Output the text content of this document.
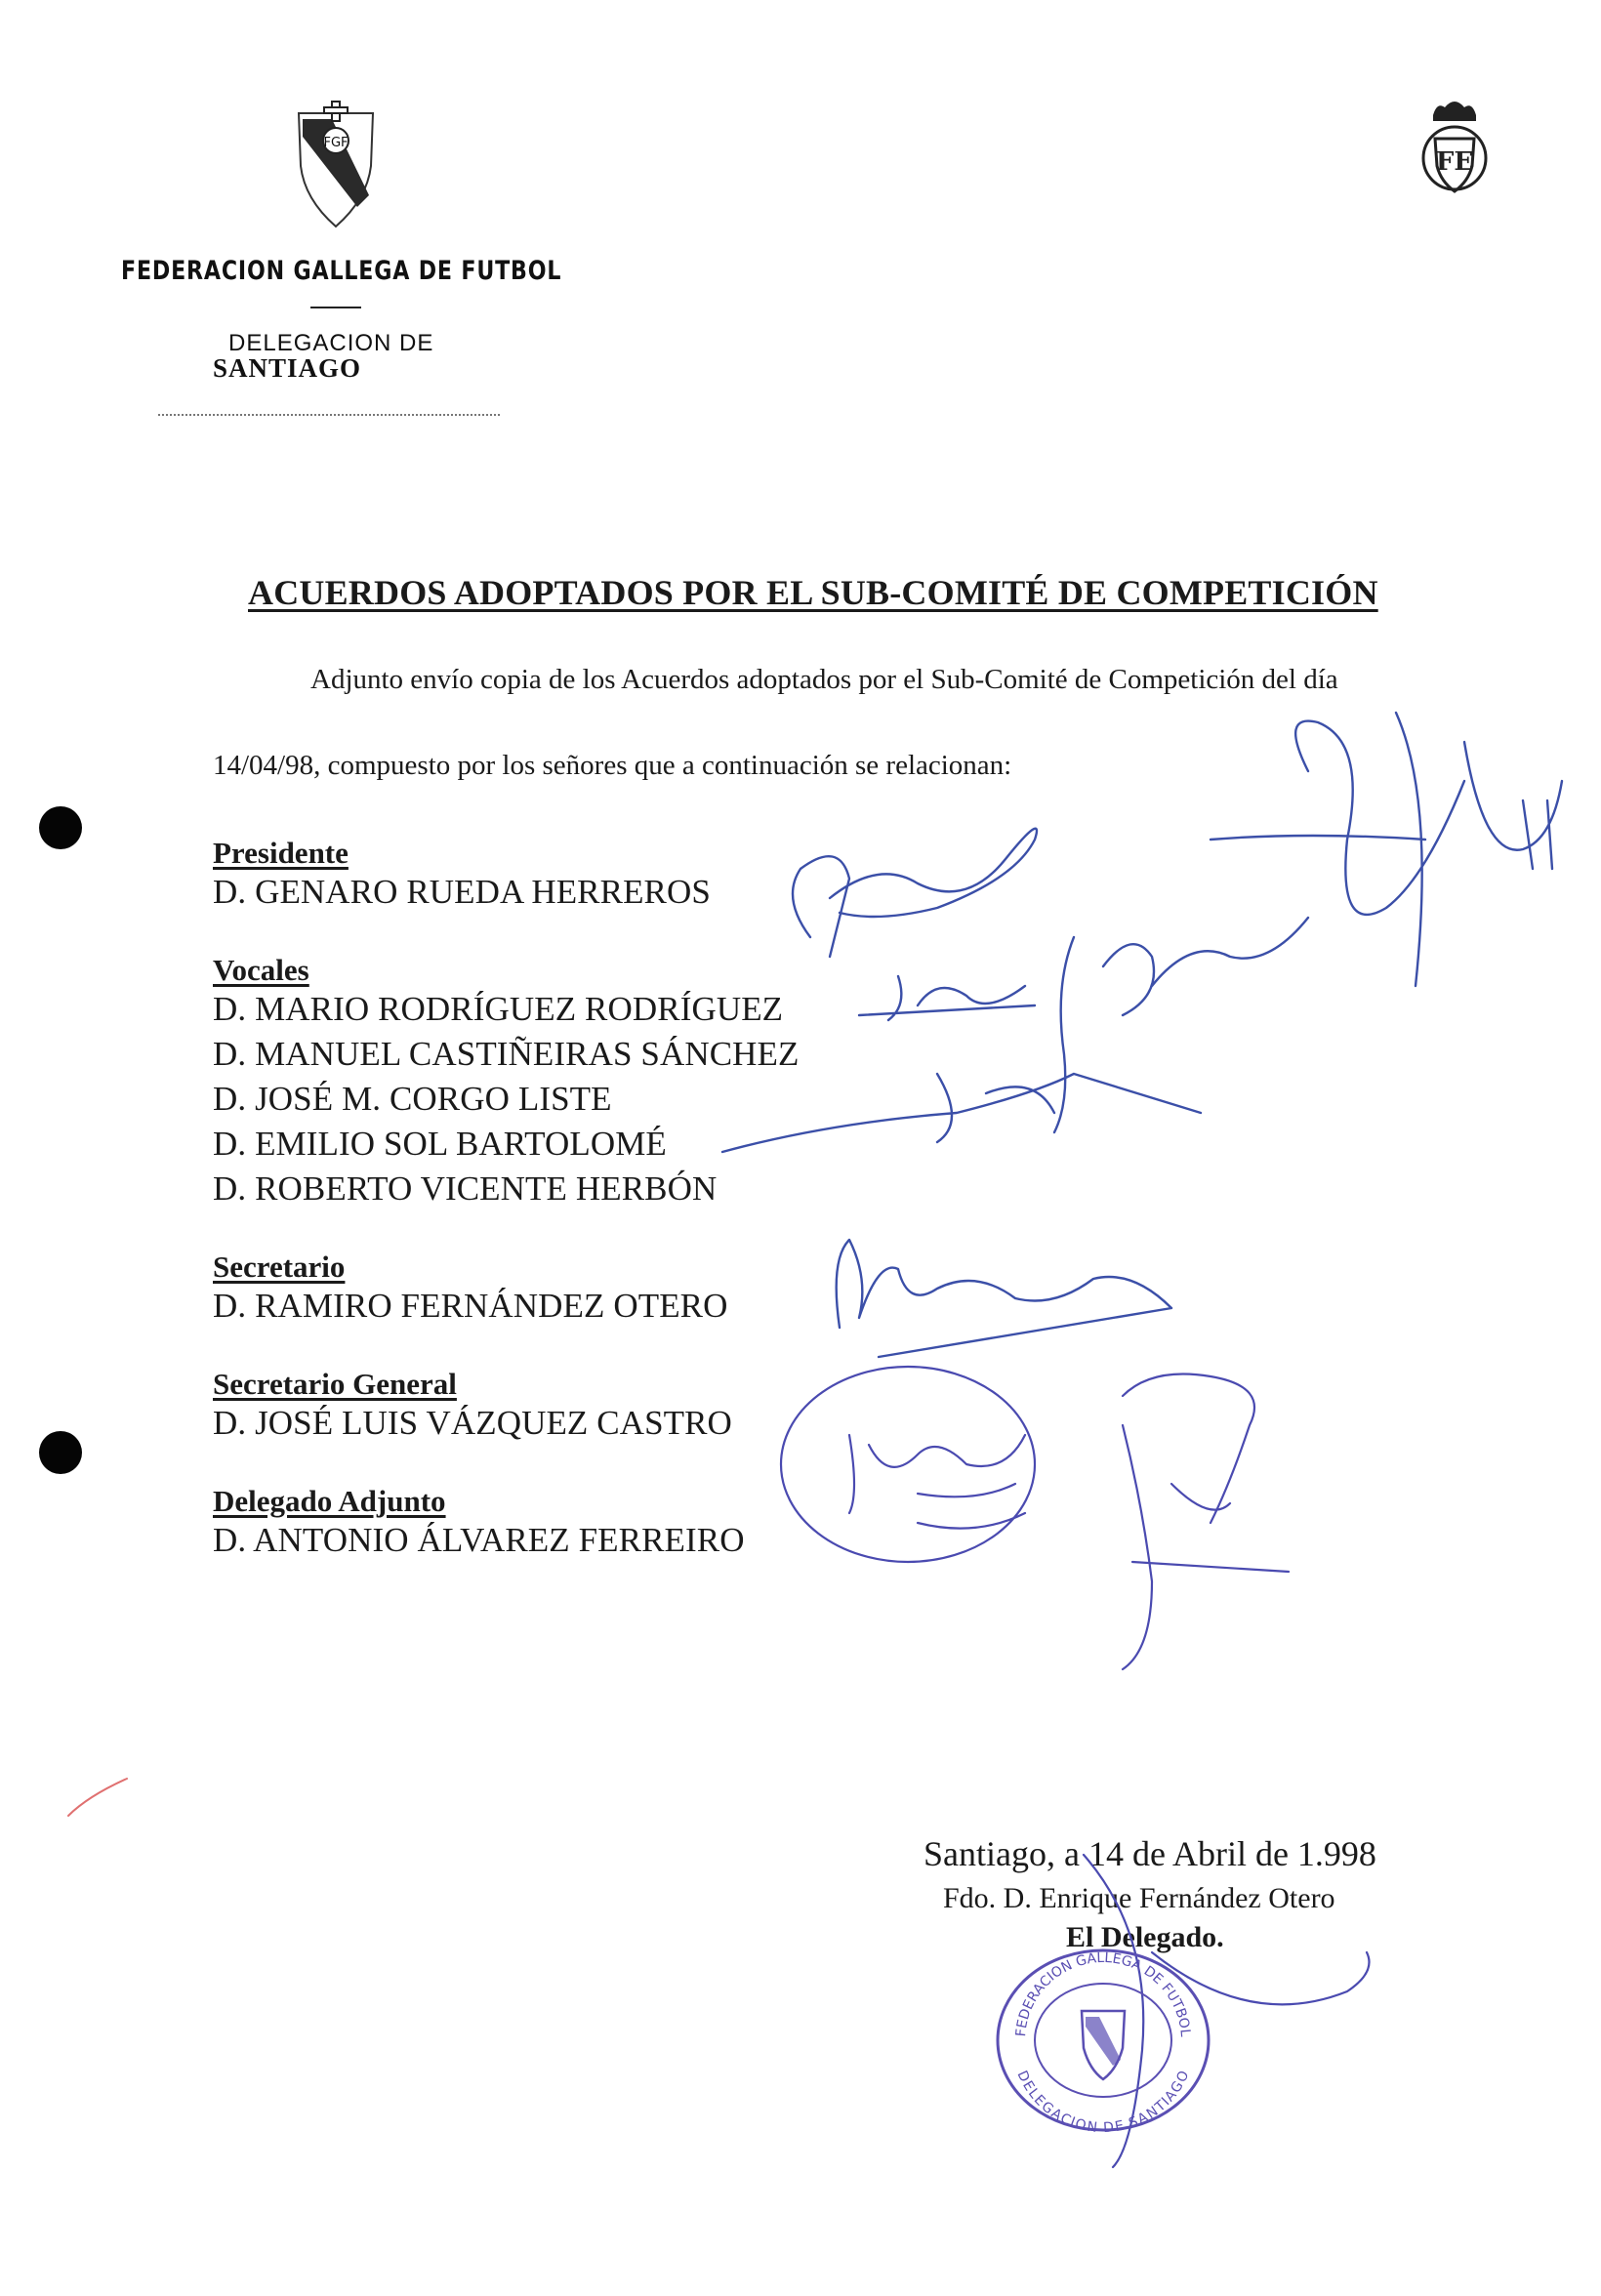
FGF
FE
FEDERACION GALLEGA DE FUTBOL
DELEGACION DE
SANTIAGO
ACUERDOS ADOPTADOS POR EL SUB-COMITÉ DE COMPETICIÓN
Adjunto envío copia de los Acuerdos adoptados por el Sub-Comité de Competición del día
14/04/98, compuesto por los señores que a continuación se relacionan:
Presidente
D. GENARO RUEDA HERREROS
Vocales
D. MARIO RODRÍGUEZ RODRÍGUEZ
D. MANUEL CASTIÑEIRAS SÁNCHEZ
D. JOSÉ M. CORGO LISTE
D. EMILIO SOL BARTOLOMÉ
D. ROBERTO VICENTE HERBÓN
Secretario
D. RAMIRO FERNÁNDEZ OTERO
Secretario General
D. JOSÉ LUIS VÁZQUEZ CASTRO
Delegado Adjunto
D. ANTONIO ÁLVAREZ FERREIRO
Santiago, a 14 de Abril de 1.998
Fdo. D. Enrique Fernández Otero
El Delegado.
FEDERACION GALLEGA DE FUTBOL
DELEGACION DE SANTIAGO
